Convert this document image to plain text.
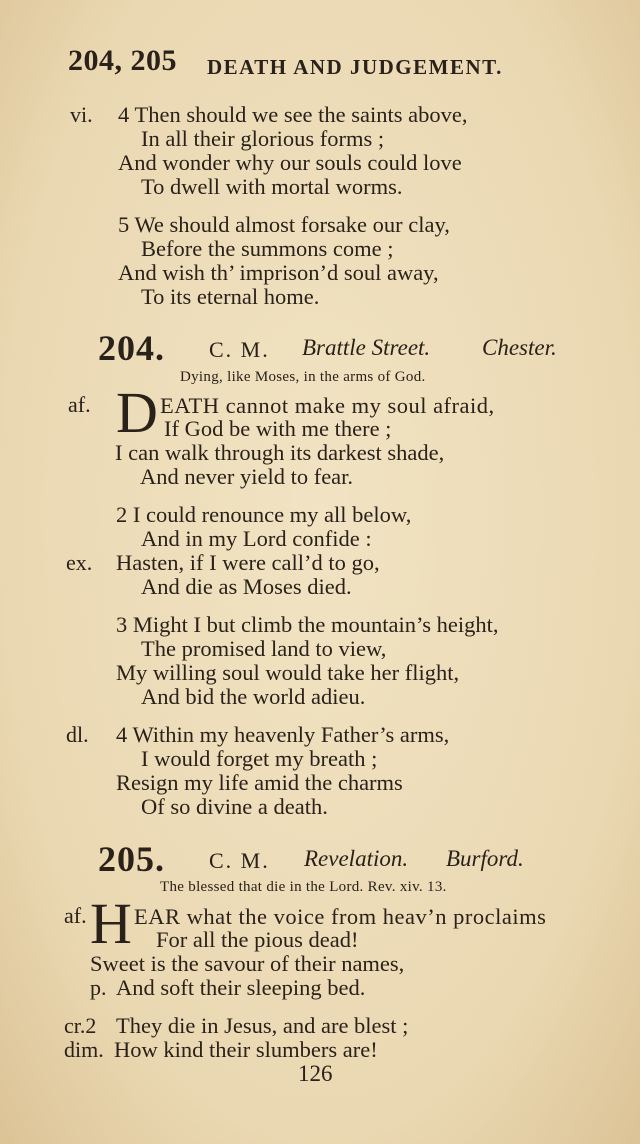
204, 205 DEATH AND JUDGEMENT.
vi. 4 Then should we see the saints above,
In all their glorious forms ;
And wonder why our souls could love
To dwell with mortal worms.
5 We should almost forsake our clay,
Before the summons come ;
And wish th’ imprison’d soul away,
To its eternal home.
204. C. M. Brattle Street. Chester.
Dying, like Moses, in the arms of God.
af. D EATH cannot make my soul afraid,
If God be with me there ;
I can walk through its darkest shade,
And never yield to fear.
2 I could renounce my all below,
And in my Lord confide :
ex. Hasten, if I were call’d to go,
And die as Moses died.
3 Might I but climb the mountain’s height,
The promised land to view,
My willing soul would take her flight,
And bid the world adieu.
dl. 4 Within my heavenly Father’s arms,
I would forget my breath ;
Resign my life amid the charms
Of so divine a death.
205. C. M. Revelation. Burford.
The blessed that die in the Lord. Rev. xiv. 13.
af. H EAR what the voice from heav’n proclaims
For all the pious dead!
Sweet is the savour of their names,
p. And soft their sleeping bed.
cr.2 They die in Jesus, and are blest ;
dim. How kind their slumbers are!
126
